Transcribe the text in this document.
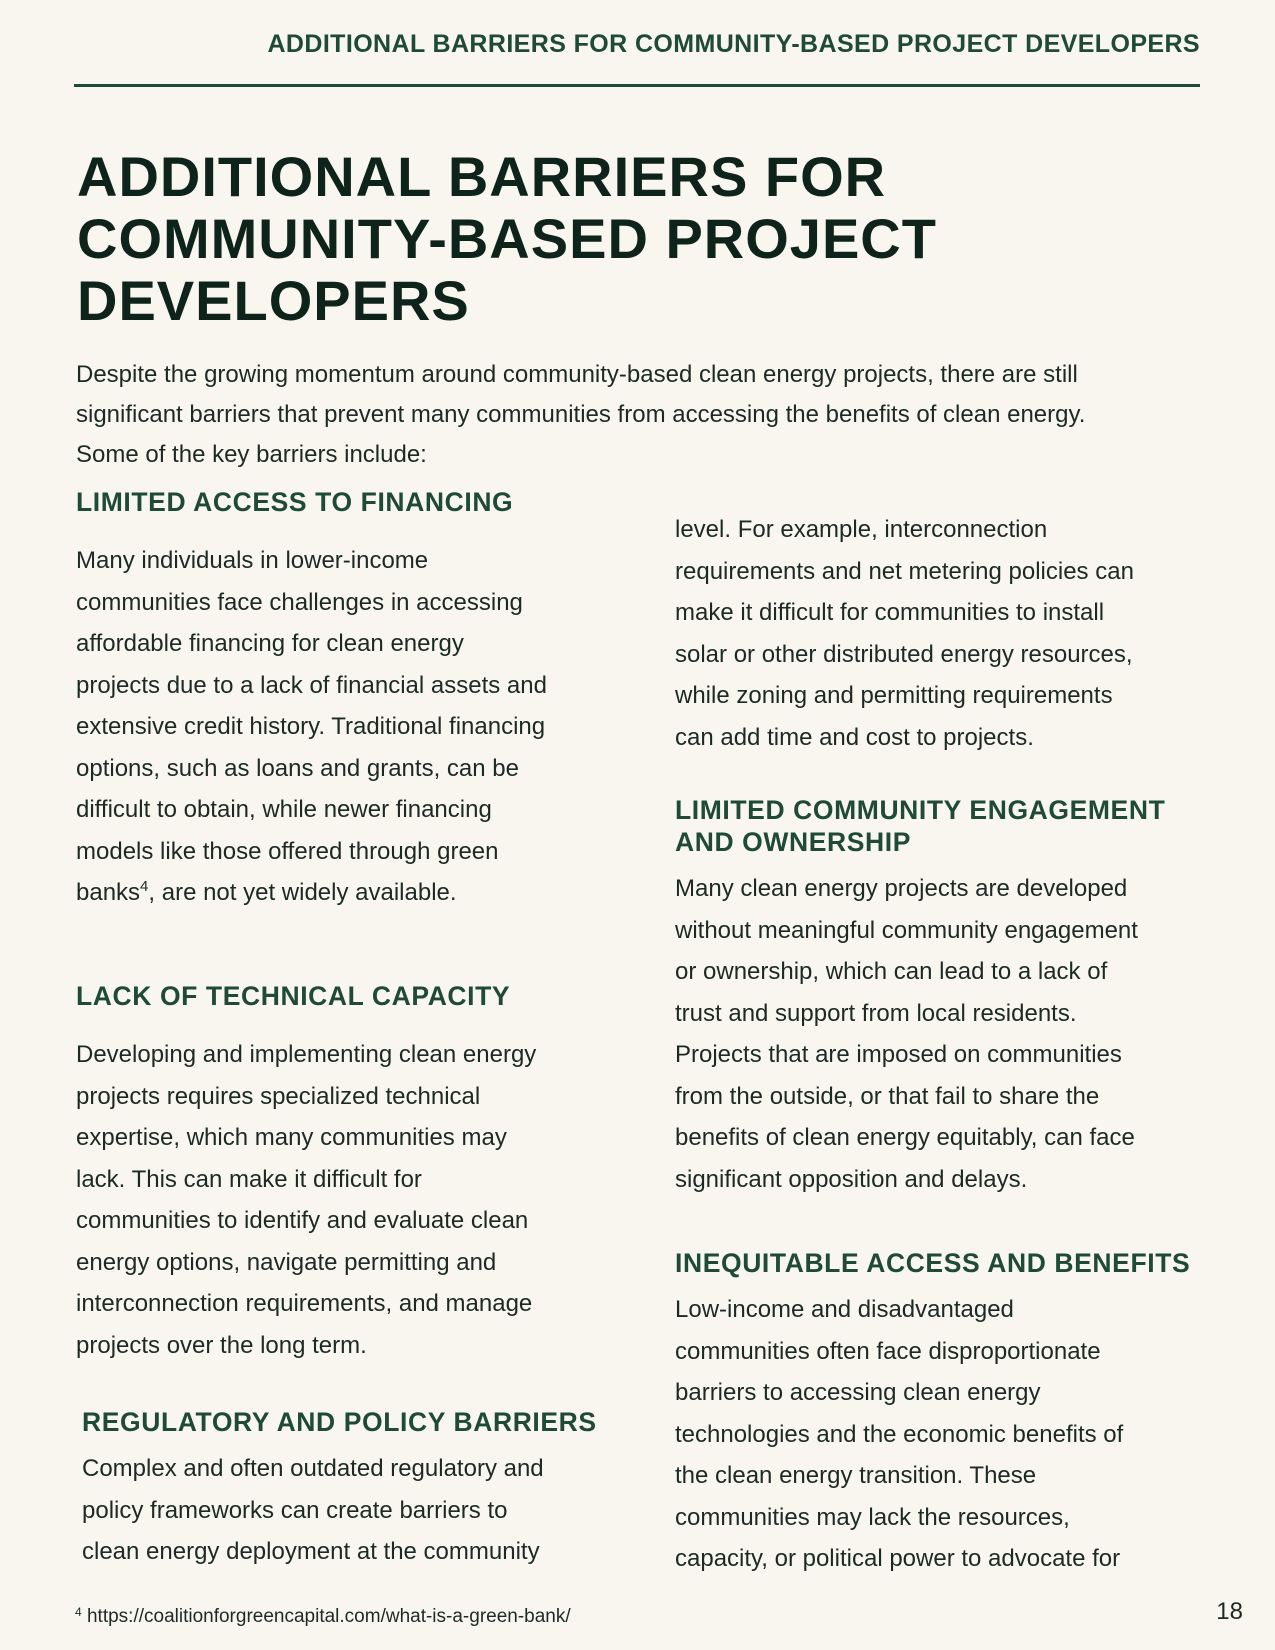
ADDITIONAL BARRIERS FOR COMMUNITY-BASED PROJECT DEVELOPERS
ADDITIONAL BARRIERS FOR
COMMUNITY-BASED PROJECT
DEVELOPERS

Despite the growing momentum around community-based clean energy projects, there are still
significant barriers that prevent many communities from accessing the benefits of clean energy.
Some of the key barriers include:

LIMITED ACCESS TO FINANCING

Many individuals in lower-income
communities face challenges in accessing
affordable financing for clean energy
projects due to a lack of financial assets and
extensive credit history. Traditional financing
options, such as loans and grants, can be
difficult to obtain, while newer financing
models like those offered through green
banks$^4$, are not yet widely available.

LACK OF TECHNICAL CAPACITY

Developing and implementing clean energy
projects requires specialized technical
expertise, which many communities may
lack. This can make it difficult for
communities to identify and evaluate clean
energy options, navigate permitting and
interconnection requirements, and manage
projects over the long term.

REGULATORY AND POLICY BARRIERS

Complex and often outdated regulatory and
policy frameworks can create barriers to
clean energy deployment at the community

level. For example, interconnection
requirements and net metering policies can
make it difficult for communities to install
solar or other distributed energy resources,
while zoning and permitting requirements
can add time and cost to projects.

LIMITED COMMUNITY ENGAGEMENT
AND OWNERSHIP

Many clean energy projects are developed
without meaningful community engagement
or ownership, which can lead to a lack of
trust and support from local residents.
Projects that are imposed on communities
from the outside, or that fail to share the
benefits of clean energy equitably, can face
significant opposition and delays.

INEQUITABLE ACCESS AND BENEFITS

Low-income and disadvantaged
communities often face disproportionate
barriers to accessing clean energy
technologies and the economic benefits of
the clean energy transition. These
communities may lack the resources,
capacity, or political power to advocate for

$^4$ https://coalitionforgreencapital.com/what-is-a-green-bank/	18
